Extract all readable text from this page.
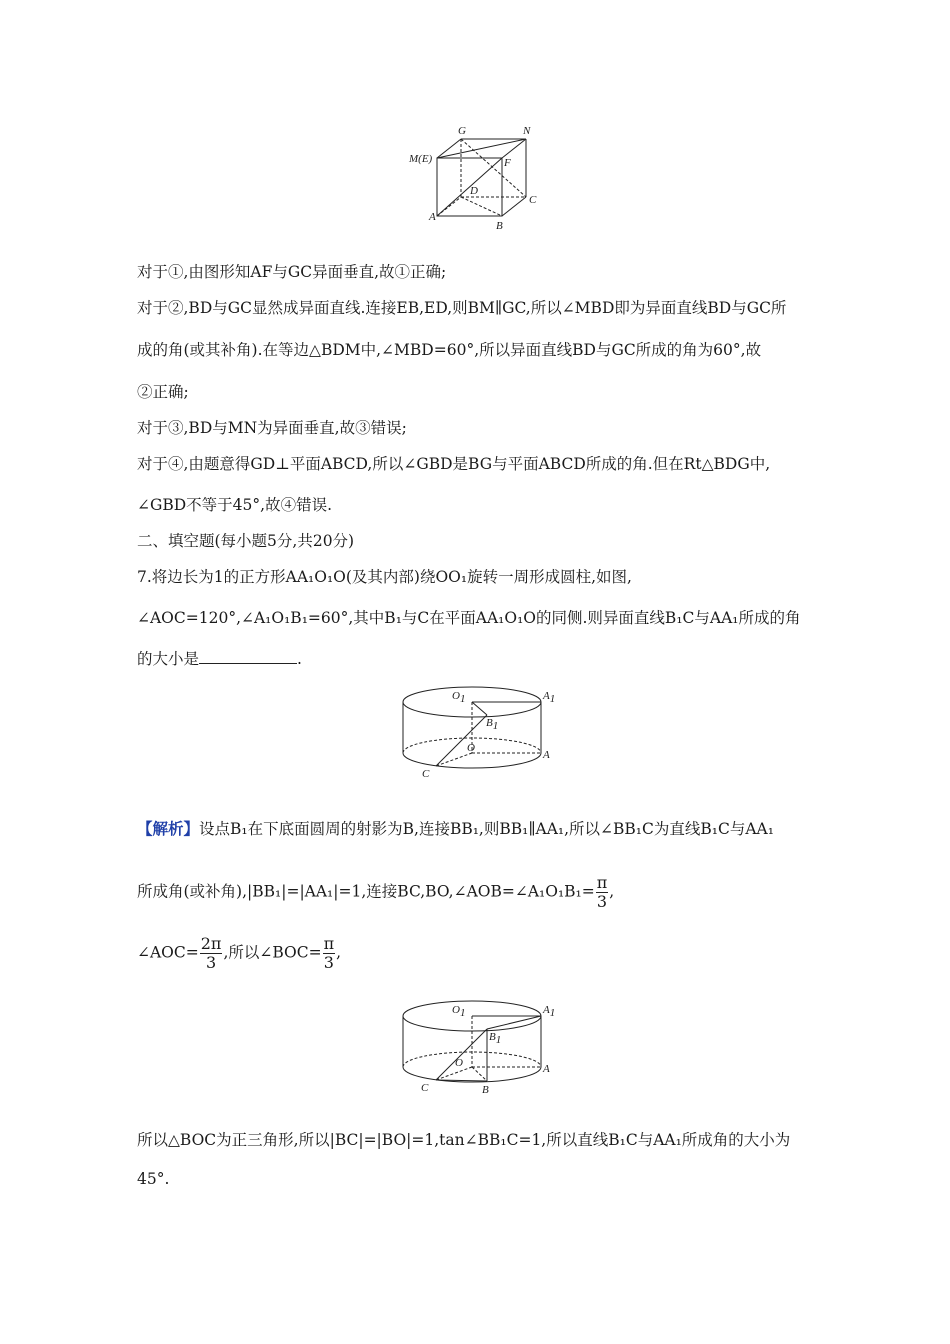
G	N
M(E)	F
D
C
A
B
对于①,由图形知AF与GC异面垂直,故①正确;
对于②,BD与GC显然成异面直线.连接EB,ED,则BM∥GC,所以∠MBD即为异面直线BD与GC所
成的角(或其补角).在等边△BDM中,∠MBD=60°,所以异面直线BD与GC所成的角为60°,故
②正确;
对于③,BD与MN为异面垂直,故③错误;
对于④,由题意得GD⊥平面ABCD,所以∠GBD是BG与平面ABCD所成的角.但在Rt△BDG中,
∠GBD不等于45°,故④错误.
二、填空题(每小题5分,共20分)
7.将边长为1的正方形AA₁O₁O(及其内部)绕OO₁旋转一周形成圆柱,如图,
∠AOC=120°,∠A₁O₁B₁=60°,其中B₁与C在平面AA₁O₁O的同侧.则异面直线B₁C与AA₁所成的角
的大小是	.
O1	A1
B1
O
A
C
【解析】设点B₁在下底面圆周的射影为B,连接BB₁,则BB₁∥AA₁,所以∠BB₁C为直线B₁C与AA₁
所成角(或补角),|BB₁|=|AA₁|=1,连接BC,BO,∠AOB=∠A₁O₁B₁= $\frac{\pi}{3}$ ,
∠AOC= $\frac{2\pi}{3}$ ,所以∠BOC= $\frac{\pi}{3}$ ,
O1	A1
B1
O	A
C	B
所以△BOC为正三角形,所以|BC|=|BO|=1,tan∠BB₁C=1,所以直线B₁C与AA₁所成角的大小为
45°.
